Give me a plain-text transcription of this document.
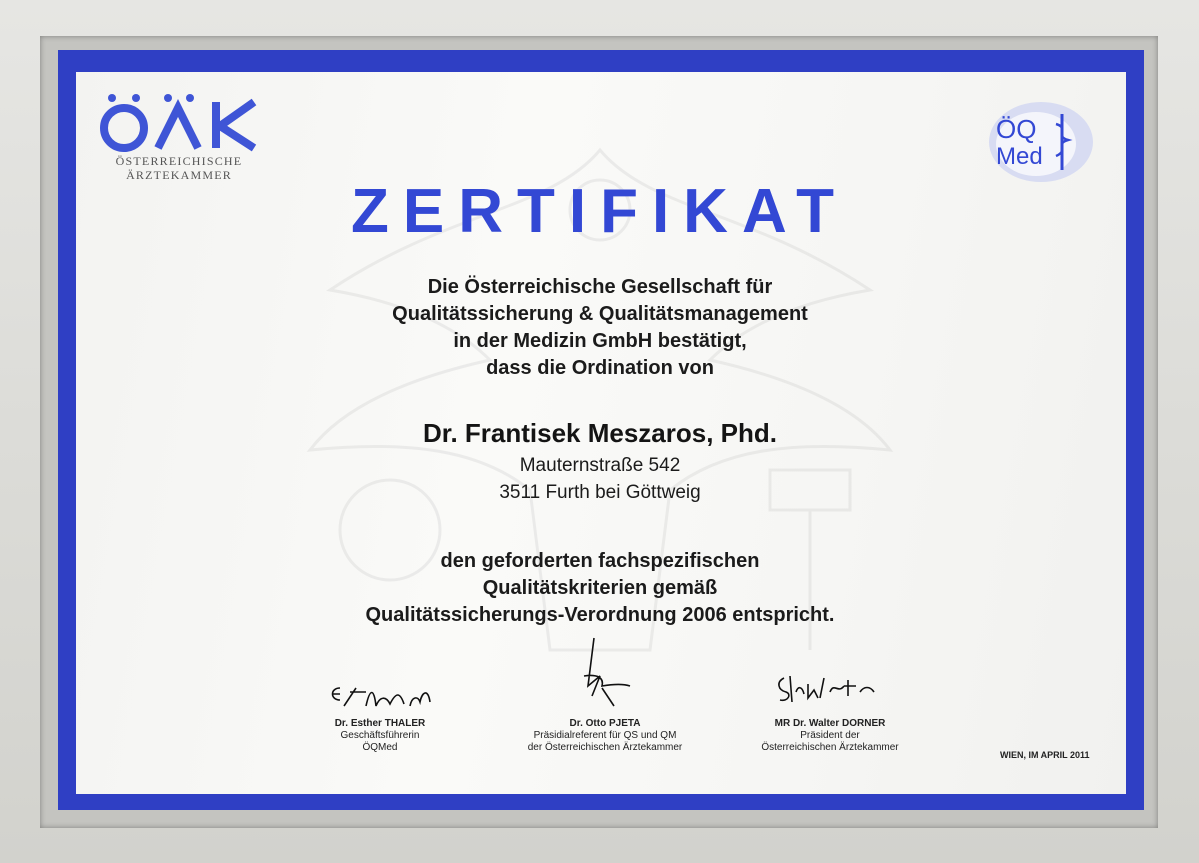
ÖSTERREICHISCHE
ÄRZTEKAMMER
ÖQ
Med
ZERTIFIKAT
Die Österreichische Gesellschaft für
Qualitätssicherung & Qualitätsmanagement
in der Medizin GmbH bestätigt,
dass die Ordination von
Dr. Frantisek Meszaros, Phd.
Mauternstraße 542
3511 Furth bei Göttweig
den geforderten fachspezifischen
Qualitätskriterien gemäß
Qualitätssicherungs-Verordnung 2006 entspricht.
Dr. Esther THALER
Geschäftsführerin
ÖQMed
Dr. Otto PJETA
Präsidialreferent für QS und QM
der Österreichischen Ärztekammer
MR Dr. Walter DORNER
Präsident der
Österreichischen Ärztekammer
WIEN, IM APRIL 2011
